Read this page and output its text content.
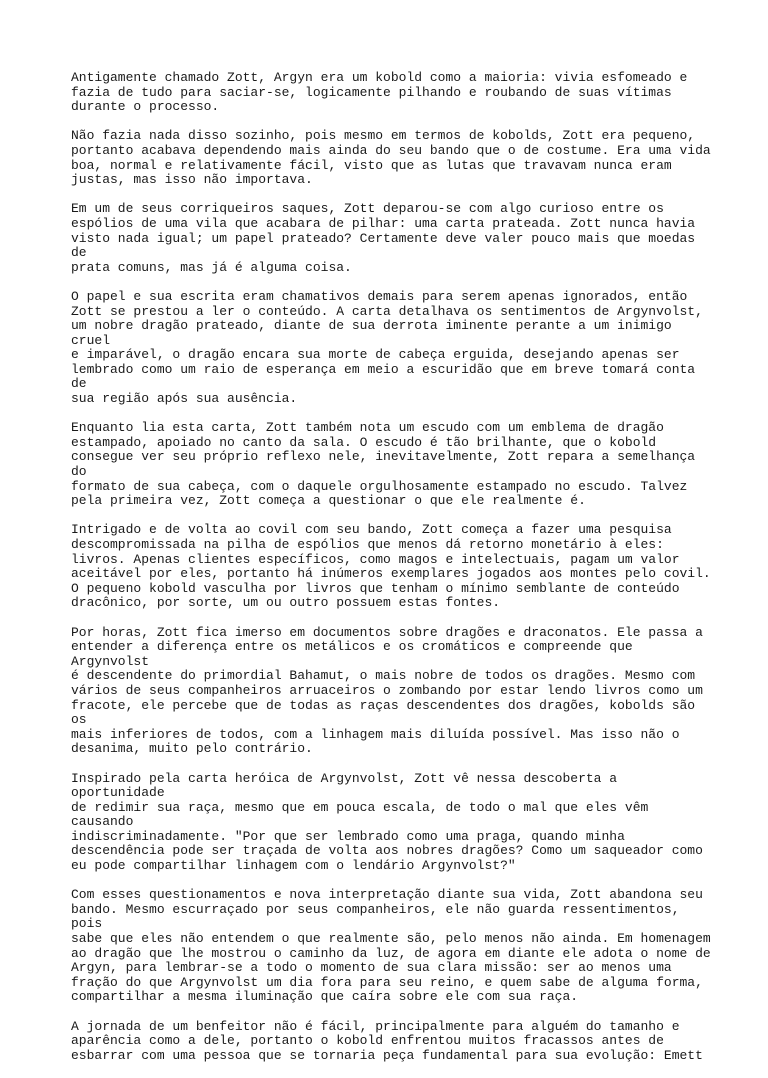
Antigamente chamado Zott, Argyn era um kobold como a maioria: vivia esfomeado e
fazia de tudo para saciar-se, logicamente pilhando e roubando de suas vítimas
durante o processo.

Não fazia nada disso sozinho, pois mesmo em termos de kobolds, Zott era pequeno,
portanto acabava dependendo mais ainda do seu bando que o de costume. Era uma vida
boa, normal e relativamente fácil, visto que as lutas que travavam nunca eram
justas, mas isso não importava.

Em um de seus corriqueiros saques, Zott deparou-se com algo curioso entre os
espólios de uma vila que acabara de pilhar: uma carta prateada. Zott nunca havia
visto nada igual; um papel prateado? Certamente deve valer pouco mais que moedas de
prata comuns, mas já é alguma coisa.

O papel e sua escrita eram chamativos demais para serem apenas ignorados, então
Zott se prestou a ler o conteúdo. A carta detalhava os sentimentos de Argynvolst,
um nobre dragão prateado, diante de sua derrota iminente perante a um inimigo cruel
e imparável, o dragão encara sua morte de cabeça erguida, desejando apenas ser
lembrado como um raio de esperança em meio a escuridão que em breve tomará conta de
sua região após sua ausência.

Enquanto lia esta carta, Zott também nota um escudo com um emblema de dragão
estampado, apoiado no canto da sala. O escudo é tão brilhante, que o kobold
consegue ver seu próprio reflexo nele, inevitavelmente, Zott repara a semelhança do
formato de sua cabeça, com o daquele orgulhosamente estampado no escudo. Talvez
pela primeira vez, Zott começa a questionar o que ele realmente é.

Intrigado e de volta ao covil com seu bando, Zott começa a fazer uma pesquisa
descompromissada na pilha de espólios que menos dá retorno monetário à eles:
livros. Apenas clientes específicos, como magos e intelectuais, pagam um valor
aceitável por eles, portanto há inúmeros exemplares jogados aos montes pelo covil.
O pequeno kobold vasculha por livros que tenham o mínimo semblante de conteúdo
dracônico, por sorte, um ou outro possuem estas fontes.

Por horas, Zott fica imerso em documentos sobre dragões e draconatos. Ele passa a
entender a diferença entre os metálicos e os cromáticos e compreende que Argynvolst
é descendente do primordial Bahamut, o mais nobre de todos os dragões. Mesmo com
vários de seus companheiros arruaceiros o zombando por estar lendo livros como um
fracote, ele percebe que de todas as raças descendentes dos dragões, kobolds são os
mais inferiores de todos, com a linhagem mais diluída possível. Mas isso não o
desanima, muito pelo contrário.

Inspirado pela carta heróica de Argynvolst, Zott vê nessa descoberta a oportunidade
de redimir sua raça, mesmo que em pouca escala, de todo o mal que eles vêm causando
indiscriminadamente. "Por que ser lembrado como uma praga, quando minha
descendência pode ser traçada de volta aos nobres dragões? Como um saqueador como
eu pode compartilhar linhagem com o lendário Argynvolst?"

Com esses questionamentos e nova interpretação diante sua vida, Zott abandona seu
bando. Mesmo escurraçado por seus companheiros, ele não guarda ressentimentos, pois
sabe que eles não entendem o que realmente são, pelo menos não ainda. Em homenagem
ao dragão que lhe mostrou o caminho da luz, de agora em diante ele adota o nome de
Argyn, para lembrar-se a todo o momento de sua clara missão: ser ao menos uma
fração do que Argynvolst um dia fora para seu reino, e quem sabe de alguma forma,
compartilhar a mesma iluminação que caíra sobre ele com sua raça.

A jornada de um benfeitor não é fácil, principalmente para alguém do tamanho e
aparência como a dele, portanto o kobold enfrentou muitos fracassos antes de
esbarrar com uma pessoa que se tornaria peça fundamental para sua evolução: Emett
